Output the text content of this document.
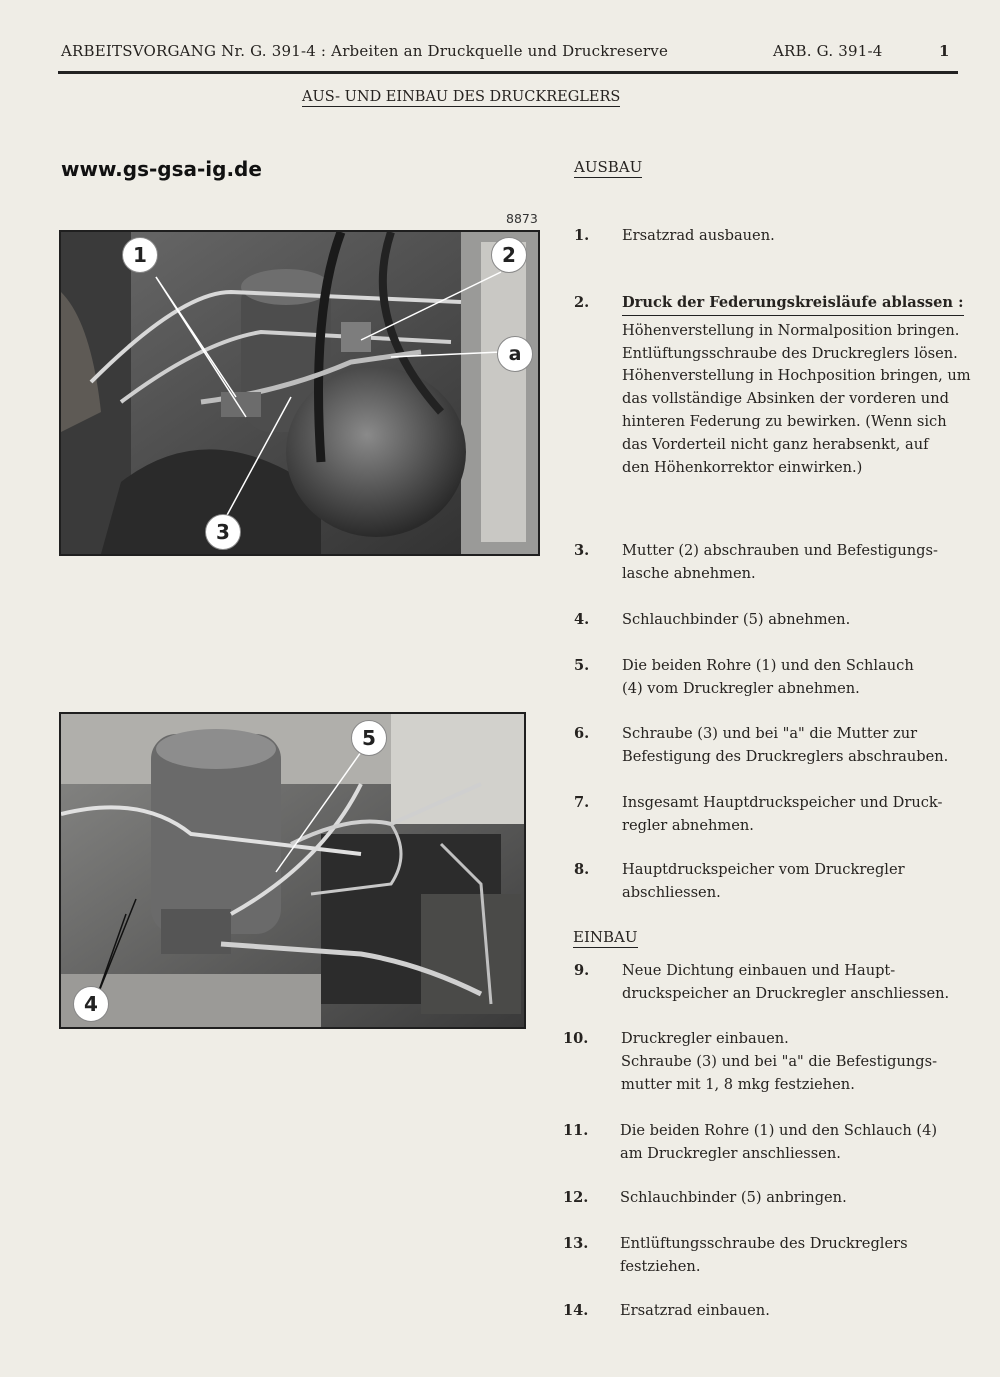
ARBEITSVORGANG Nr. G. 391-4 : Arbeiten an Druckquelle und Druckreserve	ARB. G. 391-4	1
AUS- UND EINBAU DES DRUCKREGLERS
www.gs-gsa-ig.de
8873
1	2
a
3
5
4
AUSBAU
1. Ersatzrad ausbauen.
2. Druck der Federungskreisläufe ablassen :
Höhenverstellung in Normalposition bringen.
Entlüftungsschraube des Druckreglers lösen.
Höhenverstellung in Hochposition bringen, um
das vollständige Absinken der vorderen und
hinteren Federung zu bewirken. (Wenn sich
das Vorderteil nicht ganz herabsenkt, auf
den Höhenkorrektor einwirken.)
3. Mutter (2) abschrauben und Befestigungs-
lasche abnehmen.
4. Schlauchbinder (5) abnehmen.
5. Die beiden Rohre (1) und den Schlauch
(4) vom Druckregler abnehmen.
6. Schraube (3) und bei "a" die Mutter zur
Befestigung des Druckreglers abschrauben.
7. Insgesamt Hauptdruckspeicher und Druck-
regler abnehmen.
8. Hauptdruckspeicher vom Druckregler
abschliessen.
EINBAU
9. Neue Dichtung einbauen und Haupt-
druckspeicher an Druckregler anschliessen.
10. Druckregler einbauen.
Schraube (3) und bei "a" die Befestigungs-
mutter mit 1, 8 mkg festziehen.
11. Die beiden Rohre (1) und den Schlauch (4)
am Druckregler anschliessen.
12. Schlauchbinder (5) anbringen.
13. Entlüftungsschraube des Druckreglers
festziehen.
14. Ersatzrad einbauen.
